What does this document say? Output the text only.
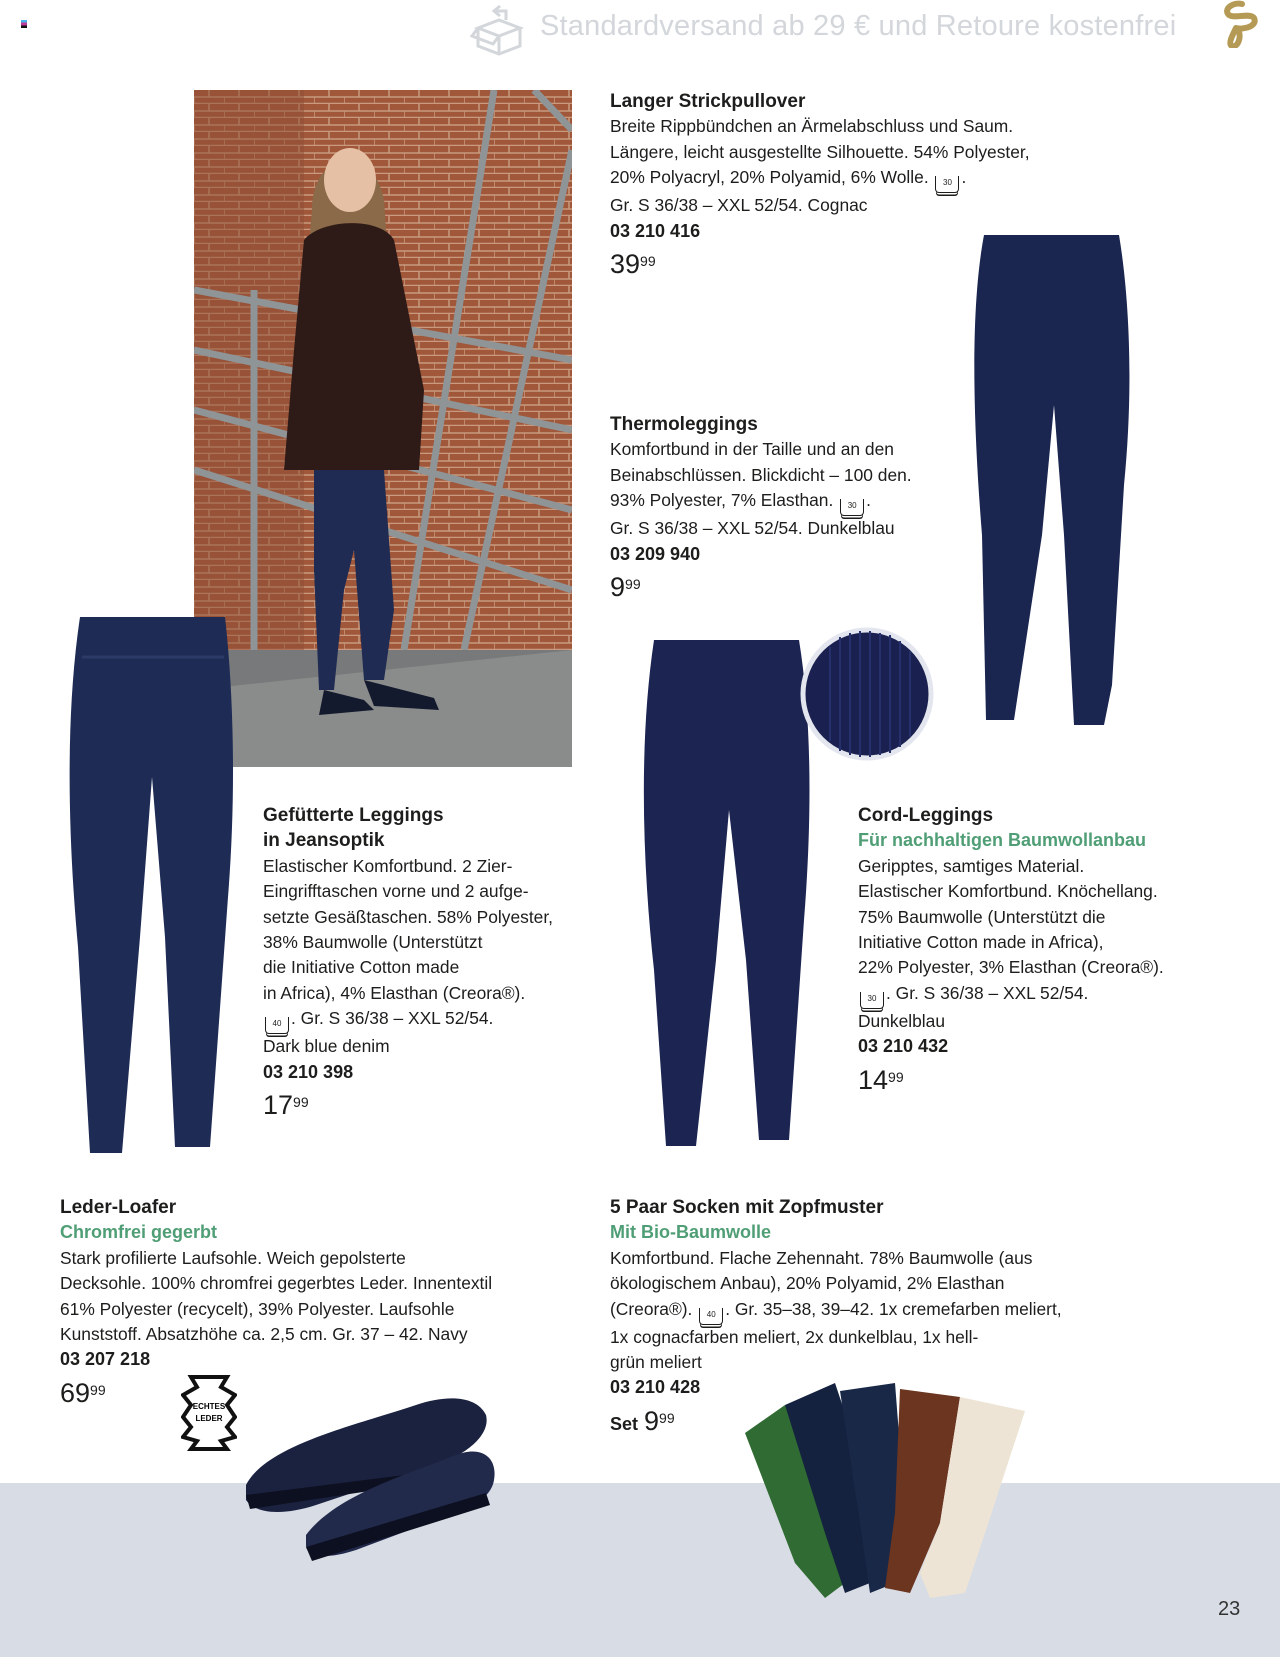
Standardversand ab 29 € und Retoure kostenfrei
ECHTES
LEDER
Langer Strickpullover
Breite Rippbündchen an Ärmelabschluss und Saum.
Längere, leicht ausgestellte Silhouette. 54% Polyester,
20% Polyacryl, 20% Polyamid, 6% Wolle. 30 .
Gr. S 36/38 – XXL 52/54. Cognac
03 210 416
$39^{99}$
Thermoleggings
Komfortbund in der Taille und an den
Beinabschlüssen. Blickdicht – 100 den.
93% Polyester, 7% Elasthan. 30 .
Gr. S 36/38 – XXL 52/54. Dunkelblau
03 209 940
$9^{99}$
Gefütterte Leggings
in Jeansoptik
Elastischer Komfortbund. 2 Zier-
Eingrifftaschen vorne und 2 aufge-
setzte Gesäßtaschen. 58% Polyester,
38% Baumwolle (Unterstützt
die Initiative Cotton made
in Africa), 4% Elasthan (Creora®).
40 . Gr. S 36/38 – XXL 52/54.
Dark blue denim
03 210 398
$17^{99}$
Cord-Leggings
Für nachhaltigen Baumwollanbau
Geripptes, samtiges Material.
Elastischer Komfortbund. Knöchellang.
75% Baumwolle (Unterstützt die
Initiative Cotton made in Africa),
22% Polyester, 3% Elasthan (Creora®).
30 . Gr. S 36/38 – XXL 52/54.
Dunkelblau
03 210 432
$14^{99}$
Leder-Loafer
Chromfrei gegerbt
Stark profilierte Laufsohle. Weich gepolsterte
Decksohle. 100% chromfrei gegerbtes Leder. Innentextil
61% Polyester (recycelt), 39% Polyester. Laufsohle
Kunststoff. Absatzhöhe ca. 2,5 cm. Gr. 37 – 42. Navy
03 207 218
$69^{99}$
5 Paar Socken mit Zopfmuster
Mit Bio-Baumwolle
Komfortbund. Flache Zehennaht. 78% Baumwolle (aus
ökologischem Anbau), 20% Polyamid, 2% Elasthan
(Creora®). 40 . Gr. 35–38, 39–42. 1x cremefarben meliert,
1x cognacfarben meliert, 2x dunkelblau, 1x hell-
grün meliert
03 210 428
Set $9^{99}$
23
